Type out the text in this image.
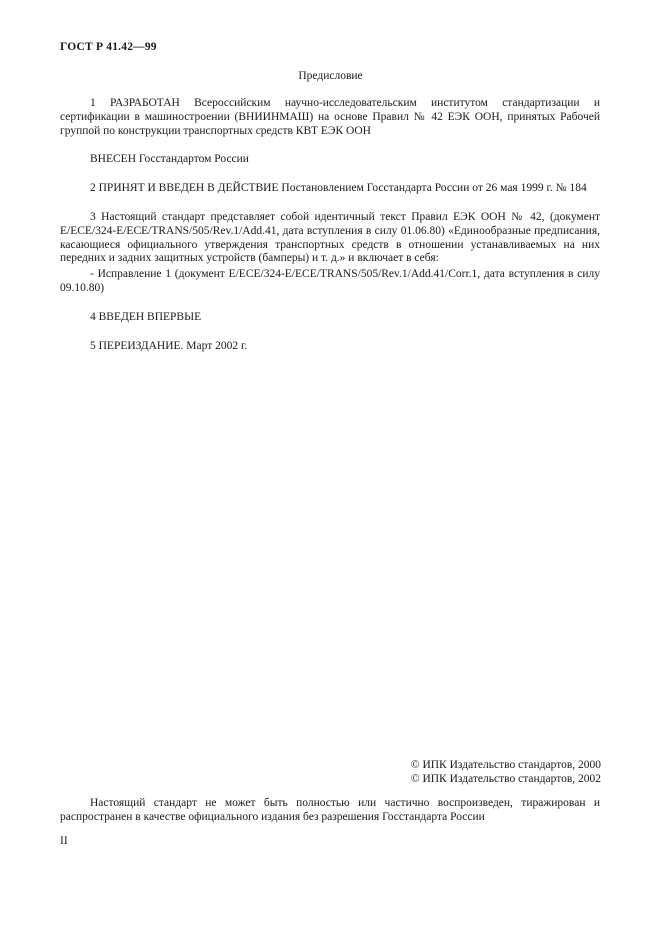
ГОСТ Р 41.42—99
Предисловие

1 РАЗРАБОТАН Всероссийским научно-исследовательским институтом стандартизации и сертификации в машиностроении (ВНИИНМАШ) на основе Правил № 42 ЕЭК ООН, принятых Рабочей группой по конструкции транспортных средств КВТ ЕЭК ООН

ВНЕСЕН Госстандартом России

2 ПРИНЯТ И ВВЕДЕН В ДЕЙСТВИЕ Постановлением Госстандарта России от 26 мая 1999 г. № 184

3 Настоящий стандарт представляет собой идентичный текст Правил ЕЭК ООН № 42, (документ E/ECE/324-E/ECE/TRANS/505/Rev.1/Add.41, дата вступления в силу 01.06.80) «Единообразные предписания, касающиеся официального утверждения транспортных средств в отношении устанавливаемых на них передних и задних защитных устройств (бамперы) и т. д.» и включает в себя:

- Исправление 1 (документ E/ECE/324-E/ECE/TRANS/505/Rev.1/Add.41/Corr.1, дата вступления в силу 09.10.80)

4 ВВЕДЕН ВПЕРВЫЕ

5 ПЕРЕИЗДАНИЕ. Март 2002 г.

© ИПК Издательство стандартов, 2000
© ИПК Издательство стандартов, 2002

Настоящий стандарт не может быть полностью или частично воспроизведен, тиражирован и распространен в качестве официального издания без разрешения Госстандарта России

II
